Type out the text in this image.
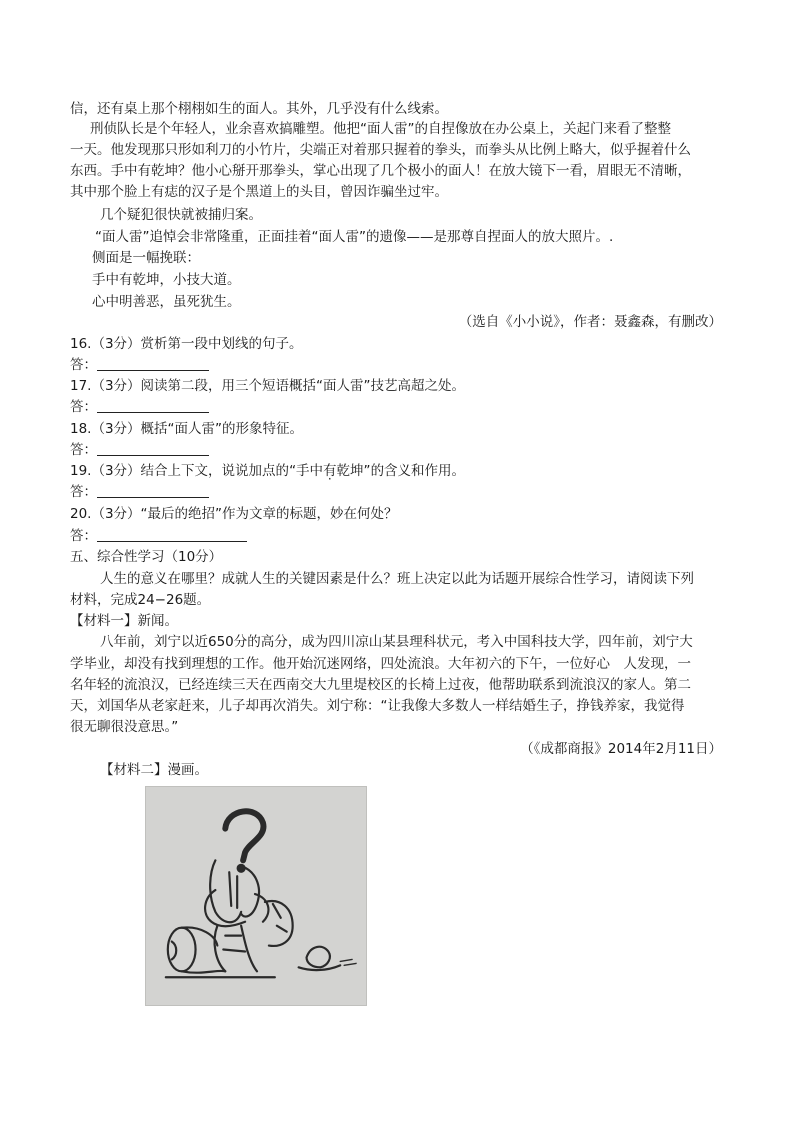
信，还有桌上那个栩栩如生的面人。其外，几乎没有什么线索。
刑侦队长是个年轻人，业余喜欢搞雕塑。他把“面人雷”的自捏像放在办公桌上，关起门来看了整整
一天。他发现那只形如利刀的小竹片，尖端正对着那只握着的拳头，而拳头从比例上略大，似乎握着什么
东西。手中有乾坤？他小心掰开那拳头，掌心出现了几个极小的面人！在放大镜下一看，眉眼无不清晰，
其中那个脸上有痣的汉子是个黑道上的头目，曾因诈骗坐过牢。
几个疑犯很快就被捕归案。
“面人雷”追悼会非常隆重，正面挂着“面人雷”的遗像——是那尊自捏面人的放大照片。.
侧面是一幅挽联：
手中有乾坤，小技大道。
心中明善恶，虽死犹生。
（选自《小小说》，作者：聂鑫森，有删改）
16.（3分）赏析第一段中划线的句子。
答：
17.（3分）阅读第二段，用三个短语概括“面人雷”技艺高超之处。
答：
18.（3分）概括“面人雷”的形象特征。
答：
19.（3分）结合上下文，说说加点的“手中有乾坤” ·的含义和作用。
答：
20.（3分）“最后的绝招”作为文章的标题，妙在何处？
答：
五、综合性学习（10分）
人生的意义在哪里？成就人生的关键因素是什么？班上决定以此为话题开展综合性学习，请阅读下列
材料，完成24−26题。
【材料一】新闻。
八年前，刘宁以近650分的高分，成为四川凉山某县理科状元，考入中国科技大学，四年前，刘宁大
学毕业，却没有找到理想的工作。他开始沉迷网络，四处流浪。大年初六的下午，一位好心　人发现，一
名年轻的流浪汉，已经连续三天在西南交大九里堤校区的长椅上过夜，他帮助联系到流浪汉的家人。第二
天，刘国华从老家赶来，儿子却再次消失。刘宁称：“让我像大多数人一样结婚生子，挣钱养家，我觉得
很无聊很没意思。”
（《成都商报》2014年2月11日）
【材料二】漫画。
